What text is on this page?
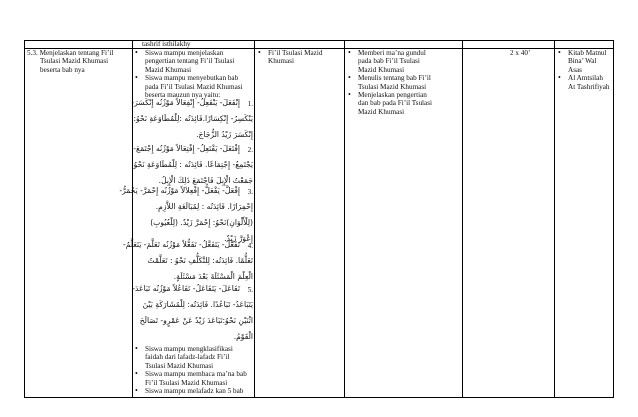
tashrif isthilakhy
5.3. Menjelaskan tentang Fi’il
Tsulasi Mazid Khumasi
beserta bab nya
• Siswa mampu menjelaskan
pengertian tentang Fi’il Tsulasi
Mazid Khumasi
• Siswa mampu menyebutkan bab
pada Fi’il Tsulasi Mazid Khumasi
beserta mauzun nya yaitu:
1.
إِنْفَعَلَ- يَنْفَعِلُ- إِنْفِعَالاً مَوْزُنُه إِنْكَسَرَ-
يَنْكَسِرُ- إِنْكِسَارًا.فَائِدَتُه :لِلْمُطَاوَعَةِ نَحْوُ:
إِنْكَسَرَ زَيْدُ الزُّجَاجَ.
2.
إِفْتَعَلَ- يَفْتَعِلُ- إِفْتِعَالاً مَوْزُنُه إِجْتَمَعَ-
يَجْتَمِعُ- إِجْتِمَاعًا. فَائِدَتُه : لِلْمُطَاوَعَةِ نَحْوُ:
جَمَعْتُ الْإِبِلَ فَاجْتَمَعَ ذَلِكَ الْإِبِلُ.
3.
إِفْعَلَّ- يَفْعَلُّ- إِفْعِلاَلاً مَوْزُنُه إِحْمَرَّ- يَحْمَرُّ-
إِحْمِرَارًا. فَائِدَتُه : لِمُبَالَغَةِ اللاَّزِمِ.
(لِلْأَلْوَانِ)نَحْوُ: إِحْمَرَّ زَيْدٌ. (لِلْعُيُوبِ)
إِعْوَرَّ زَيْدٌ.
4.
تَفَعَّلَ- يَتَفَعَّلُ- تَفَعُّلاً مَوْزُنُه تَعَلَّمَ- يَتَعَلَّمُ-
تَعَلُّمًا. فَائِدَتُه: لِلتَّكَلُّفِ نَحْوُ : تَعَلَّمْتُ
الْعِلْمَ الْمَسْئَلَةَ بَعْدَ مَسْئَلَةٍ.
5.
تَفَاعَلَ- يَتَفَاعَلُ- تَفَاعُلاً مَوْزُنُه تَبَاعَدَ-
يَتَبَاعَدُ- تَبَاعُدًا. فَائِدَتُه: لِلْمُشَارَكَةِ بَيْنَ
اثْنَيْنِ نَحْوُ:تَبَاعَدَ زَيْدٌ عَنْ عَمْرٍو- تَصَالَحَ
الْقَوْمُ.
• Siswa mampu mengklasifikasi
faidah dari lafadz-lafadz Fi’il
Tsulasi Mazid Khumasi
• Siswa mampu membaca ma’na bab
Fi’il Tsulasi Mazid Khumasi
• Siswa mampu melafadz kan 5 bab
• Fi’il Tsulasi Mazid
Khumasi
• Memberi ma’na gundul
pada bab Fi’il Tsulasi
Mazid Khumasi
• Menulis tentang bab Fi’il
Tsulasi Mazid Khumasi
• Menjelaskan pengertian
dan bab pada Fi’il Tsulasi
Mazid Khumasi
2 x 40’
•	Kitab Matnul
Bina’ Wal
Asas
• Al Amtsilah
At Tashrifiyah
